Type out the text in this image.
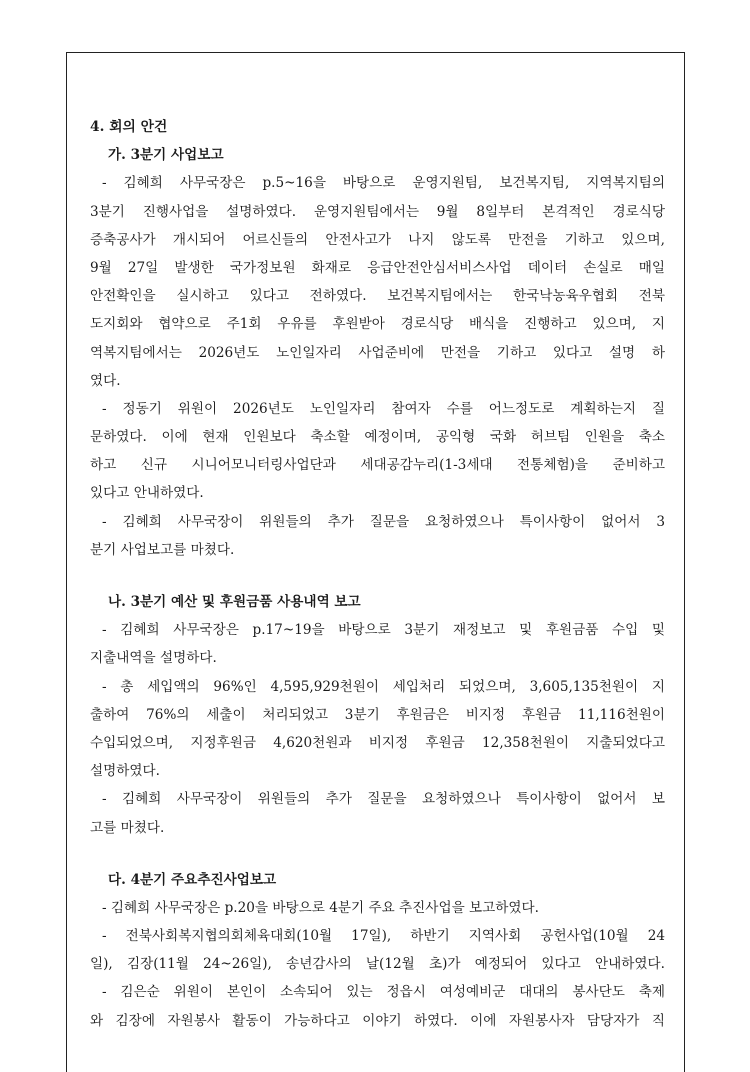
4. 회의 안건
가. 3분기 사업보고
- 김혜희 사무국장은 p.5~16을 바탕으로 운영지원팀, 보건복지팀, 지역복지팀의
3분기 진행사업을 설명하였다. 운영지원팀에서는 9월 8일부터 본격적인 경로식당
증축공사가 개시되어 어르신들의 안전사고가 나지 않도록 만전을 기하고 있으며,
9월 27일 발생한 국가정보원 화재로 응급안전안심서비스사업 데이터 손실로 매일
안전확인을 실시하고 있다고 전하였다. 보건복지팀에서는 한국낙농육우협회 전북
도지회와 협약으로 주1회 우유를 후원받아 경로식당 배식을 진행하고 있으며, 지
역복지팀에서는 2026년도 노인일자리 사업준비에 만전을 기하고 있다고 설명 하
였다.
- 정동기 위원이 2026년도 노인일자리 참여자 수를 어느정도로 계획하는지 질
문하였다. 이에 현재 인원보다 축소할 예정이며, 공익형 국화 허브팀 인원을 축소
하고 신규 시니어모니터링사업단과 세대공감누리(1-3세대 전통체험)을 준비하고
있다고 안내하였다.
- 김혜희 사무국장이 위원들의 추가 질문을 요청하였으나 특이사항이 없어서 3
분기 사업보고를 마쳤다.
나. 3분기 예산 및 후원금품 사용내역 보고
- 김혜희 사무국장은 p.17~19을 바탕으로 3분기 재정보고 및 후원금품 수입 및
지출내역을 설명하다.
- 총 세입액의 96%인 4,595,929천원이 세입처리 되었으며, 3,605,135천원이 지
출하여 76%의 세출이 처리되었고 3분기 후원금은 비지정 후원금 11,116천원이
수입되었으며, 지정후원금 4,620천원과 비지정 후원금 12,358천원이 지출되었다고
설명하였다.
- 김혜희 사무국장이 위원들의 추가 질문을 요청하였으나 특이사항이 없어서 보
고를 마쳤다.
다. 4분기 주요추진사업보고
- 김혜희 사무국장은 p.20을 바탕으로 4분기 주요 추진사업을 보고하였다.
- 전북사회복지협의회체육대회(10월 17일), 하반기 지역사회 공헌사업(10월 24
일), 김장(11월 24~26일), 송년감사의 날(12월 초)가 예정되어 있다고 안내하였다.
- 김은순 위원이 본인이 소속되어 있는 정읍시 여성예비군 대대의 봉사단도 축제
와 김장에 자원봉사 활동이 가능하다고 이야기 하였다. 이에 자원봉사자 담당자가 직
